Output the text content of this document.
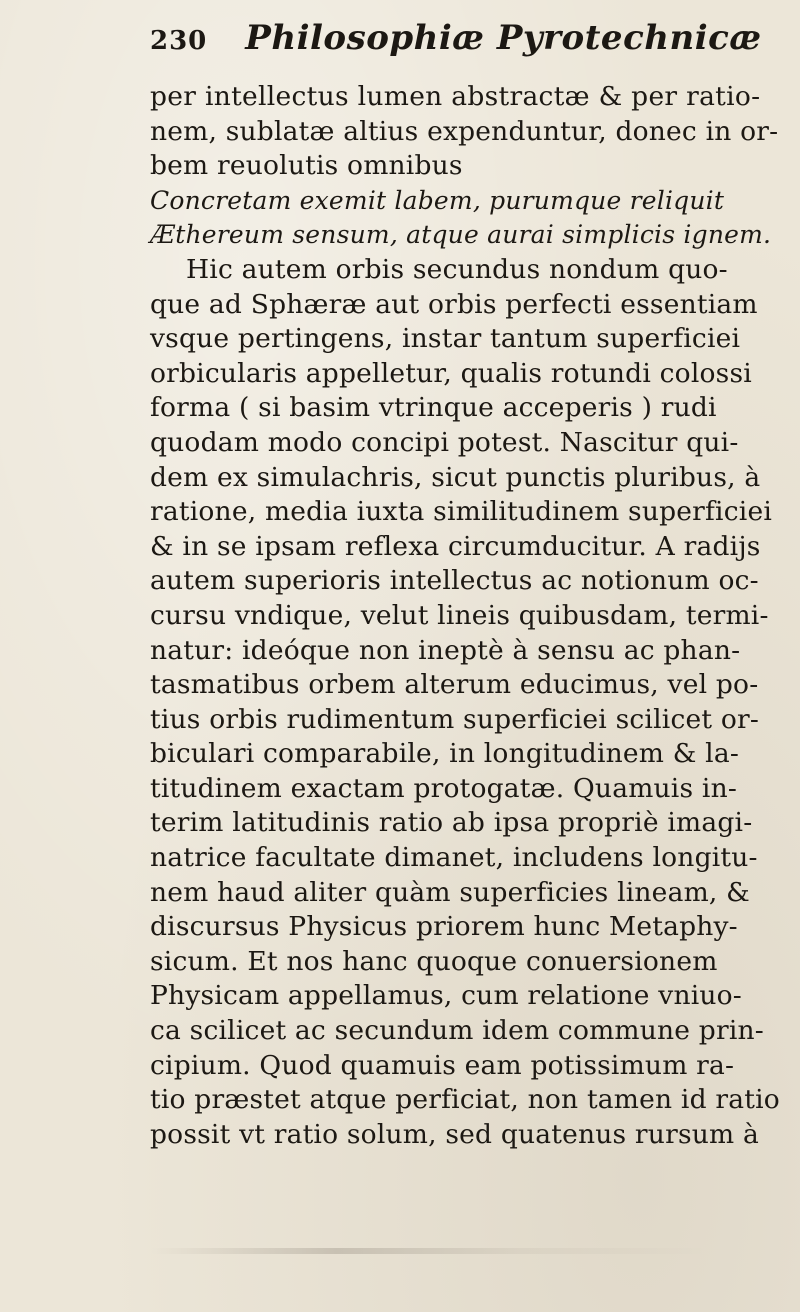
230 Philosophiæ Pyrotechnicæ
per intellectus lumen abstractæ & per ratio-
nem, sublatæ altius expenduntur, donec in or-
bem reuolutis omnibus
Concretam exemit labem, purumque reliquit
Æthereum sensum, atque aurai simplicis ignem.
Hic autem orbis secundus nondum quo-
que ad Sphæræ aut orbis perfecti essentiam
vsque pertingens, instar tantum superficiei
orbicularis appelletur, qualis rotundi colossi
forma ( si basim vtrinque acceperis ) rudi
quodam modo concipi potest. Nascitur qui-
dem ex simulachris, sicut punctis pluribus, à
ratione, media iuxta similitudinem superficiei
& in se ipsam reflexa circumducitur. A radijs
autem superioris intellectus ac notionum oc-
cursu vndique, velut lineis quibusdam, termi-
natur: ideóque non ineptè à sensu ac phan-
tasmatibus orbem alterum educimus, vel po-
tius orbis rudimentum superficiei scilicet or-
biculari comparabile, in longitudinem & la-
titudinem exactam protogatæ. Quamuis in-
terim latitudinis ratio ab ipsa propriè imagi-
natrice facultate dimanet, includens longitu-
nem haud aliter quàm superficies lineam, &
discursus Physicus priorem hunc Metaphy-
sicum. Et nos hanc quoque conuersionem
Physicam appellamus, cum relatione vniuo-
ca scilicet ac secundum idem commune prin-
cipium. Quod quamuis eam potissimum ra-
tio præstet atque perficiat, non tamen id ratio
possit vt ratio solum, sed quatenus rursum à
